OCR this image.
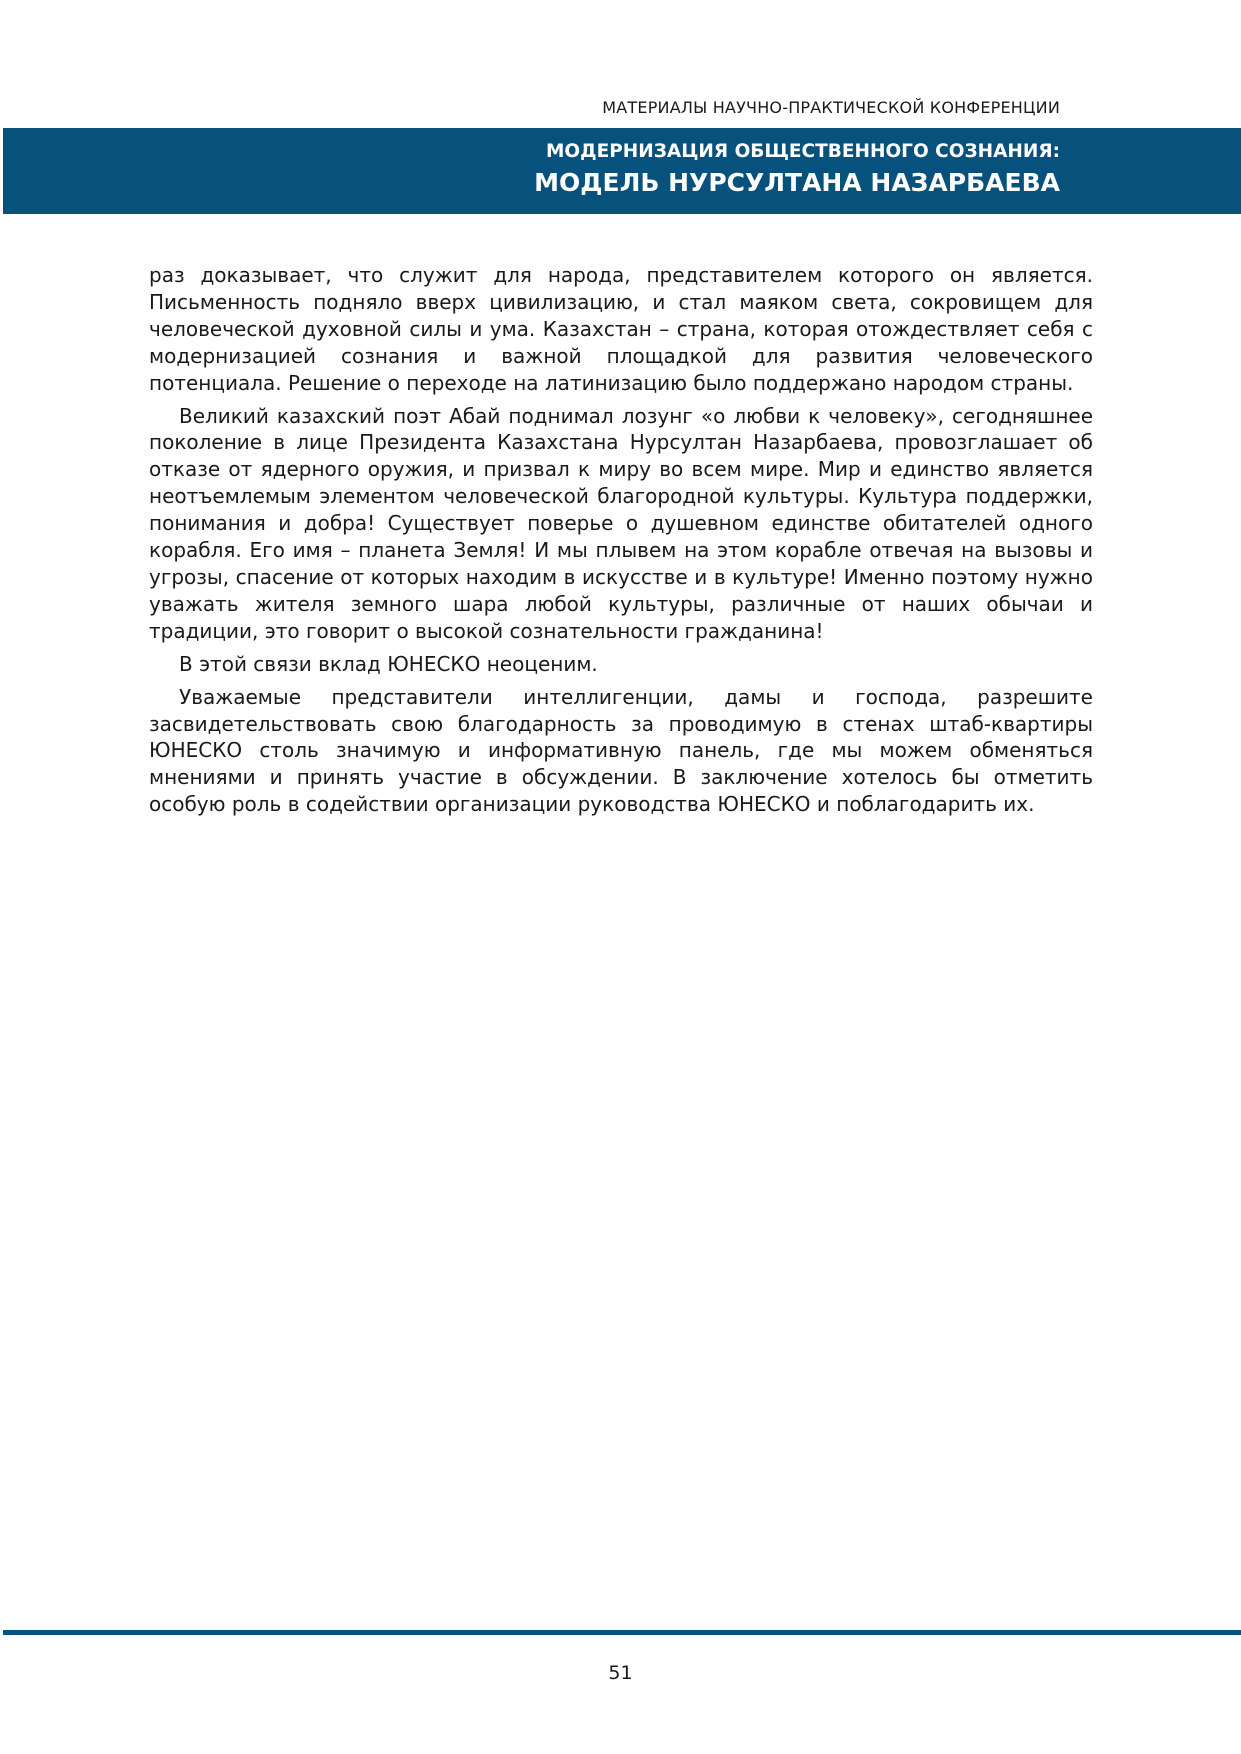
МАТЕРИАЛЫ НАУЧНО-ПРАКТИЧЕСКОЙ КОНФЕРЕНЦИИ
МОДЕРНИЗАЦИЯ ОБЩЕСТВЕННОГО СОЗНАНИЯ:
МОДЕЛЬ НУРСУЛТАНА НАЗАРБАЕВА

раз доказывает, что служит для народа, представителем которого он является. Письменность подняло вверх цивилизацию, и стал маяком света, сокровищем для человеческой духовной силы и ума. Казахстан – страна, которая отождествляет себя с модернизацией сознания и важной площадкой для развития человеческого потенциала. Решение о переходе на латинизацию было поддержано народом страны.

Великий казахский поэт Абай поднимал лозунг «о любви к человеку», сегодняшнее поколение в лице Президента Казахстана Нурсултан Назарбаева, провозглашает об отказе от ядерного оружия, и призвал к миру во всем мире. Мир и единство является неотъемлемым элементом человеческой благородной культуры. Культура поддержки, понимания и добра! Существует поверье о душевном единстве обитателей одного корабля. Его имя – планета Земля! И мы плывем на этом корабле отвечая на вызовы и угрозы, спасение от которых находим в искусстве и в культуре! Именно поэтому нужно уважать жителя земного шара любой культуры, различные от наших обычаи и традиции, это говорит о высокой сознательности гражданина!

В этой связи вклад ЮНЕСКО неоценим.

Уважаемые представители интеллигенции, дамы и господа, разрешите засвидетельствовать свою благодарность за проводимую в стенах штаб-квартиры ЮНЕСКО столь значимую и информативную панель, где мы можем обменяться мнениями и принять участие в обсуждении. В заключение хотелось бы отметить особую роль в содействии организации руководства ЮНЕСКО и поблагодарить их.

51
